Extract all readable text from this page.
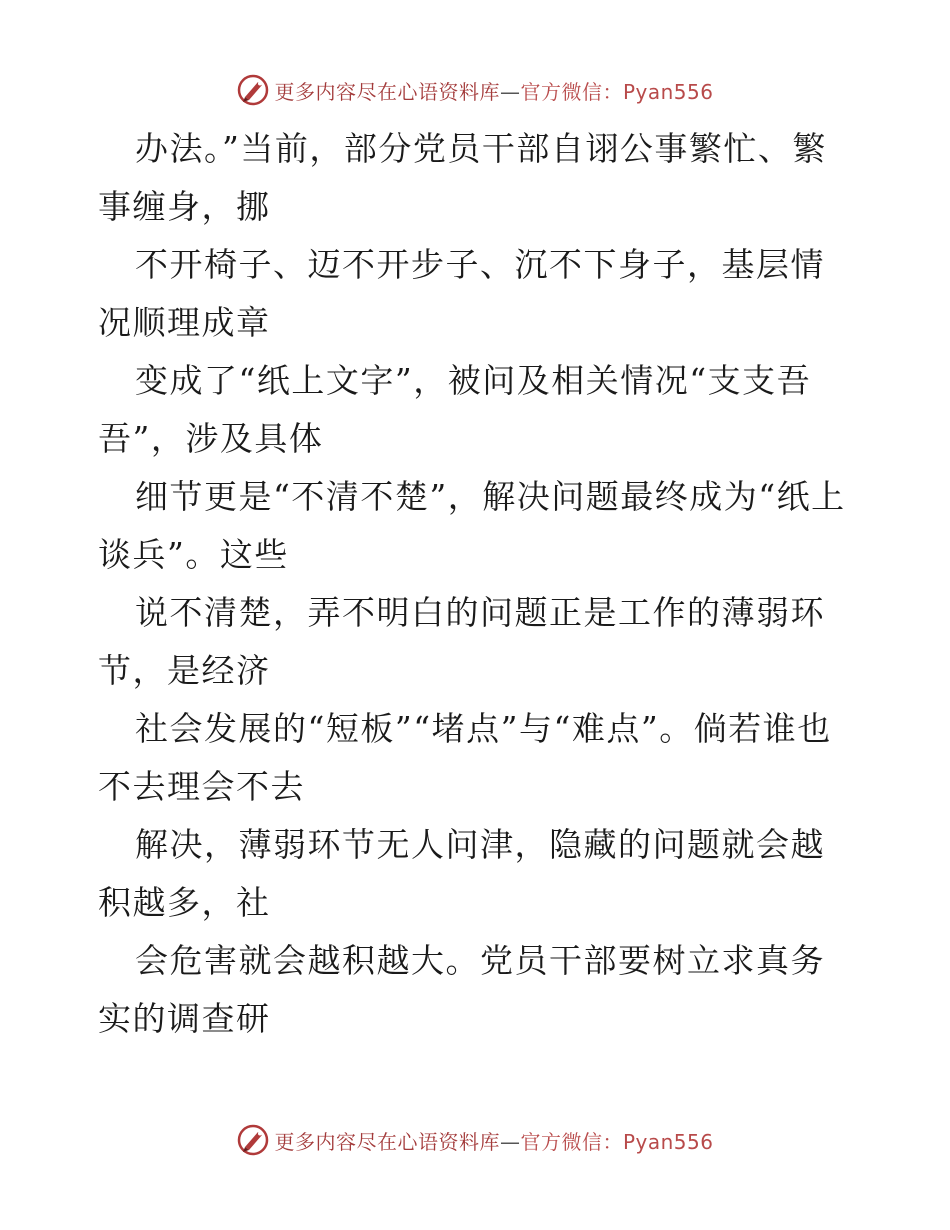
更多内容尽在心语资料库—官方微信：Pyan556

办法。”当前，部分党员干部自诩公事繁忙、繁事缠身，挪

不开椅子、迈不开步子、沉不下身子，基层情况顺理成章

变成了“纸上文字”，被问及相关情况“支支吾吾”，涉及具体

细节更是“不清不楚”，解决问题最终成为“纸上谈兵”。这些

说不清楚，弄不明白的问题正是工作的薄弱环节，是经济

社会发展的“短板”“堵点”与“难点”。倘若谁也不去理会不去

解决，薄弱环节无人问津，隐藏的问题就会越积越多，社

会危害就会越积越大。党员干部要树立求真务实的调查研

更多内容尽在心语资料库—官方微信：Pyan556
